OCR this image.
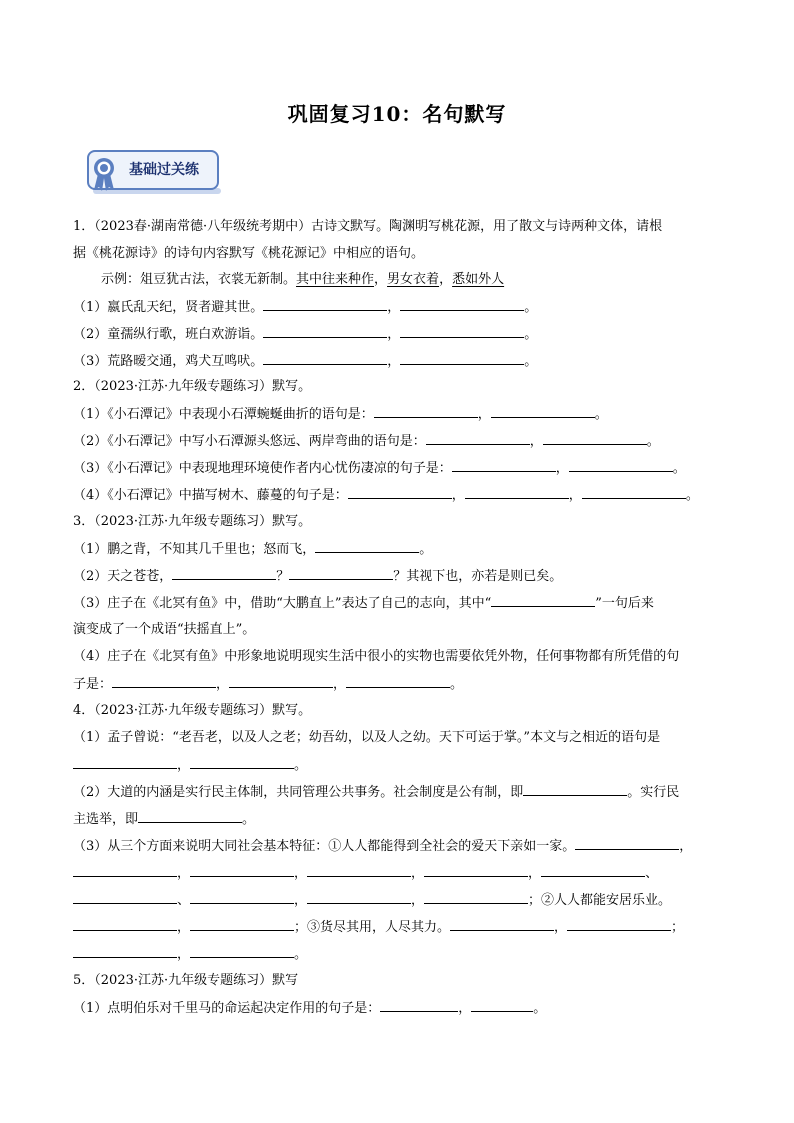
巩固复习10：名句默写
基础过关练
1．（2023春·湖南常德·八年级统考期中）古诗文默写。陶渊明写桃花源，用了散文与诗两种文体，请根
据《桃花源诗》的诗句内容默写《桃花源记》中相应的语句。
示例：俎豆犹古法，衣裳无新制。其中往来种作，男女衣着，悉如外人
（1）嬴氏乱天纪，贤者避其世。	，	。
（2）童孺纵行歌，班白欢游诣。	，	。
（3）荒路暧交通，鸡犬互鸣吠。	，	。
2．（2023·江苏·九年级专题练习）默写。
（1）《小石潭记》中表现小石潭蜿蜒曲折的语句是：	，	。
（2）《小石潭记》中写小石潭源头悠远、两岸弯曲的语句是：	，	。
（3）《小石潭记》中表现地理环境使作者内心忧伤凄凉的句子是：	，	。
（4）《小石潭记》中描写树木、藤蔓的句子是：	，	，	。
3．（2023·江苏·九年级专题练习）默写。
（1）鹏之背，不知其几千里也；怒而飞，	。
（2）天之苍苍，	？	？其视下也，亦若是则已矣。
（3）庄子在《北冥有鱼》中，借助“大鹏直上”表达了自己的志向，其中“	”一句后来
演变成了一个成语“扶摇直上”。
（4）庄子在《北冥有鱼》中形象地说明现实生活中很小的实物也需要依凭外物，任何事物都有所凭借的句
子是：	，	，	。
4．（2023·江苏·九年级专题练习）默写。
（1）孟子曾说：“老吾老，以及人之老；幼吾幼，以及人之幼。天下可运于掌。”本文与之相近的语句是
，	。
（2）大道的内涵是实行民主体制，共同管理公共事务。社会制度是公有制，即	。实行民
主选举，即	。
（3）从三个方面来说明大同社会基本特征：①人人都能得到全社会的爱天下亲如一家。	，
，	，	，	，	、
、	，	，	；②人人都能安居乐业。
，	；③货尽其用，人尽其力。	，	；
，	。
5．（2023·江苏·九年级专题练习）默写
（1）点明伯乐对千里马的命运起决定作用的句子是：	，	。
